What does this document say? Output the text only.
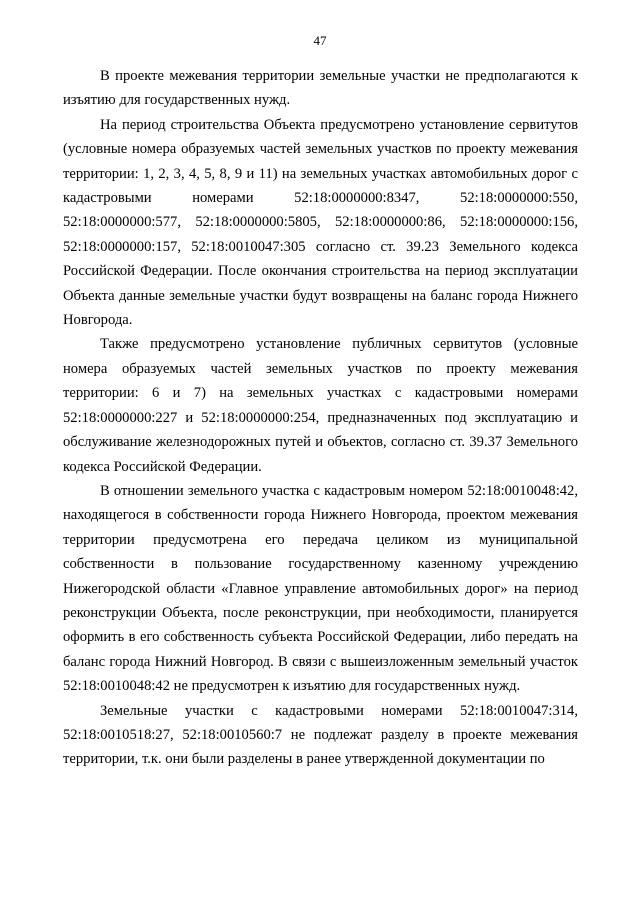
47

В проекте межевания территории земельные участки не предполагаются к изъятию для государственных нужд.

На период строительства Объекта предусмотрено установление сервитутов (условные номера образуемых частей земельных участков по проекту межевания территории: 1, 2, 3, 4, 5, 8, 9 и 11) на земельных участках автомобильных дорог с кадастровыми номерами 52:18:0000000:8347, 52:18:0000000:550, 52:18:0000000:577, 52:18:0000000:5805, 52:18:0000000:86, 52:18:0000000:156, 52:18:0000000:157, 52:18:0010047:305 согласно ст. 39.23 Земельного кодекса Российской Федерации. После окончания строительства на период эксплуатации Объекта данные земельные участки будут возвращены на баланс города Нижнего Новгорода.

Также предусмотрено установление публичных сервитутов (условные номера образуемых частей земельных участков по проекту межевания территории: 6 и 7) на земельных участках с кадастровыми номерами 52:18:0000000:227 и 52:18:0000000:254, предназначенных под эксплуатацию и обслуживание железнодорожных путей и объектов, согласно ст. 39.37 Земельного кодекса Российской Федерации.

В отношении земельного участка с кадастровым номером 52:18:0010048:42, находящегося в собственности города Нижнего Новгорода, проектом межевания территории предусмотрена его передача целиком из муниципальной собственности в пользование государственному казенному учреждению Нижегородской области «Главное управление автомобильных дорог» на период реконструкции Объекта, после реконструкции, при необходимости, планируется оформить в его собственность субъекта Российской Федерации, либо передать на баланс города Нижний Новгород. В связи с вышеизложенным земельный участок 52:18:0010048:42 не предусмотрен к изъятию для государственных нужд.

Земельные участки с кадастровыми номерами 52:18:0010047:314, 52:18:0010518:27, 52:18:0010560:7 не подлежат разделу в проекте межевания территории, т.к. они были разделены в ранее утвержденной документации по
